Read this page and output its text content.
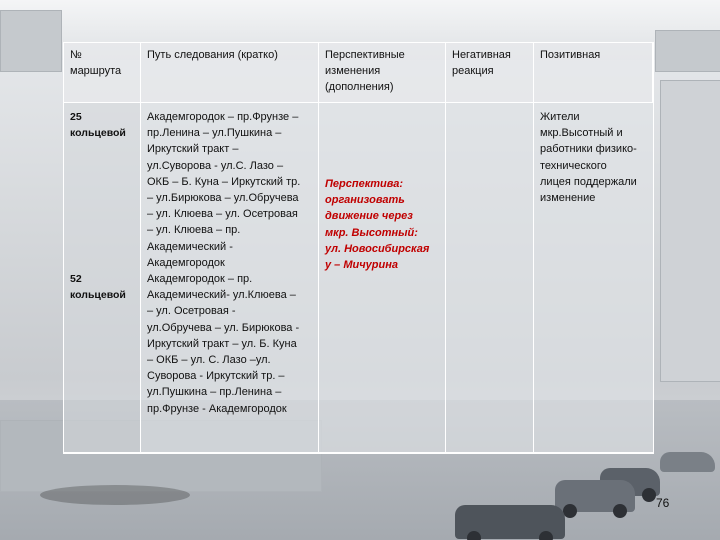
№
маршрута
Путь следования (кратко)	Перспективные
изменения
(дополнения)
Негативная
реакция
Позитивная
25
кольцевой
52
кольцевой
Академгородок – пр.Фрунзе –
пр.Ленина – ул.Пушкина –
Иркутский тракт –
ул.Суворова - ул.С. Лазо –
ОКБ – Б. Куна – Иркутский тр.
– ул.Бирюкова – ул.Обручева
– ул. Клюева – ул. Осетровая
– ул. Клюева – пр.
Академический -
Академгородок
Академгородок – пр.
Академический- ул.Клюева –
– ул. Осетровая -
ул.Обручева – ул. Бирюкова -
Иркутский тракт – ул. Б. Куна
– ОКБ – ул. С. Лазо –ул.
Суворова - Иркутский тр. –
ул.Пушкина – пр.Ленина –
пр.Фрунзе - Академгородок
Перспектива:
организовать
движение через
мкр. Высотный:
ул. Новосибирская
у – Мичурина
Жители
мкр.Высотный и
работники физико-
технического
лицея поддержали
изменение
76
